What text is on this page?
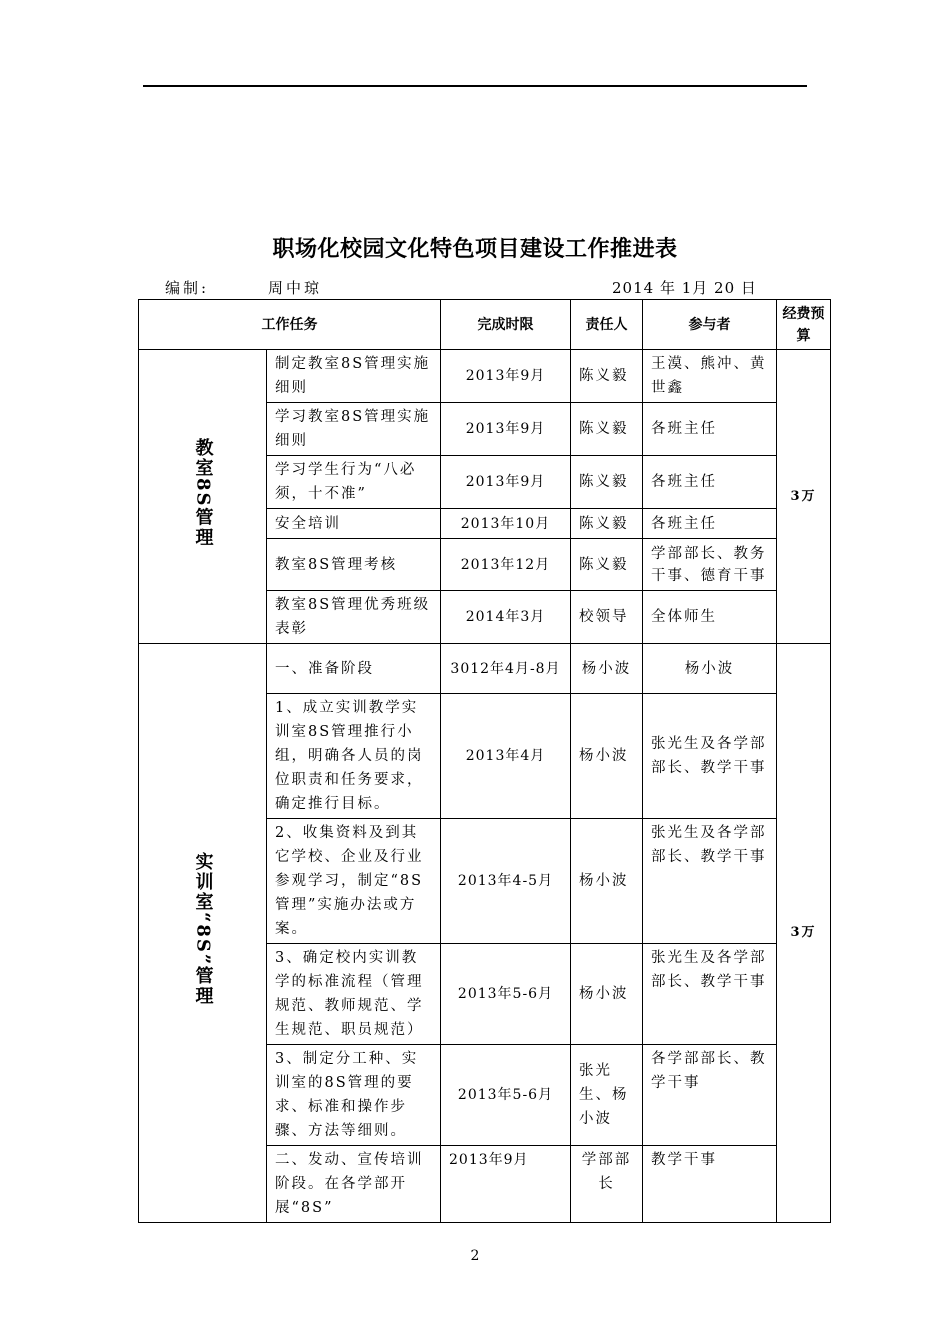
职场化校园文化特色项目建设工作推进表
编制:	周中琼	2014 年 1月 20 日
工作任务		完成时限	责任人	参与者	经费预算
教室8S管理	制定教室8S管理实施细则	2013年9月	陈义毅	王漠、熊冲、黄世鑫	3万
	学习教室8S管理实施细则	2013年9月	陈义毅	各班主任	
	学习学生行为“八必须，十不准”	2013年9月	陈义毅	各班主任	
	安全培训	2013年10月	陈义毅	各班主任	
	教室8S管理考核	2013年12月	陈义毅	学部部长、教务干事、德育干事	
	教室8S管理优秀班级表彰	2014年3月	校领导	全体师生	
实训室“8S”管理	一、准备阶段	3012年4月-8月	杨小波	杨小波	3万
	1、成立实训教学实训室8S管理推行小组，明确各人员的岗位职责和任务要求，确定推行目标。	2013年4月	杨小波	张光生及各学部部长、教学干事	
	2、收集资料及到其它学校、企业及行业参观学习，制定“8S管理”实施办法或方案。	2013年4-5月	杨小波	张光生及各学部部长、教学干事	
	3、确定校内实训教学的标准流程（管理规范、教师规范、学生规范、职员规范）	2013年5-6月	杨小波	张光生及各学部部长、教学干事	
	3、制定分工种、实训室的8S管理的要求、标准和操作步骤、方法等细则。	2013年5-6月	张光生、杨小波	各学部部长、教学干事	
	二、发动、宣传培训阶段。在各学部开展“8S”	2013年9月	学部部长	教学干事	
2
